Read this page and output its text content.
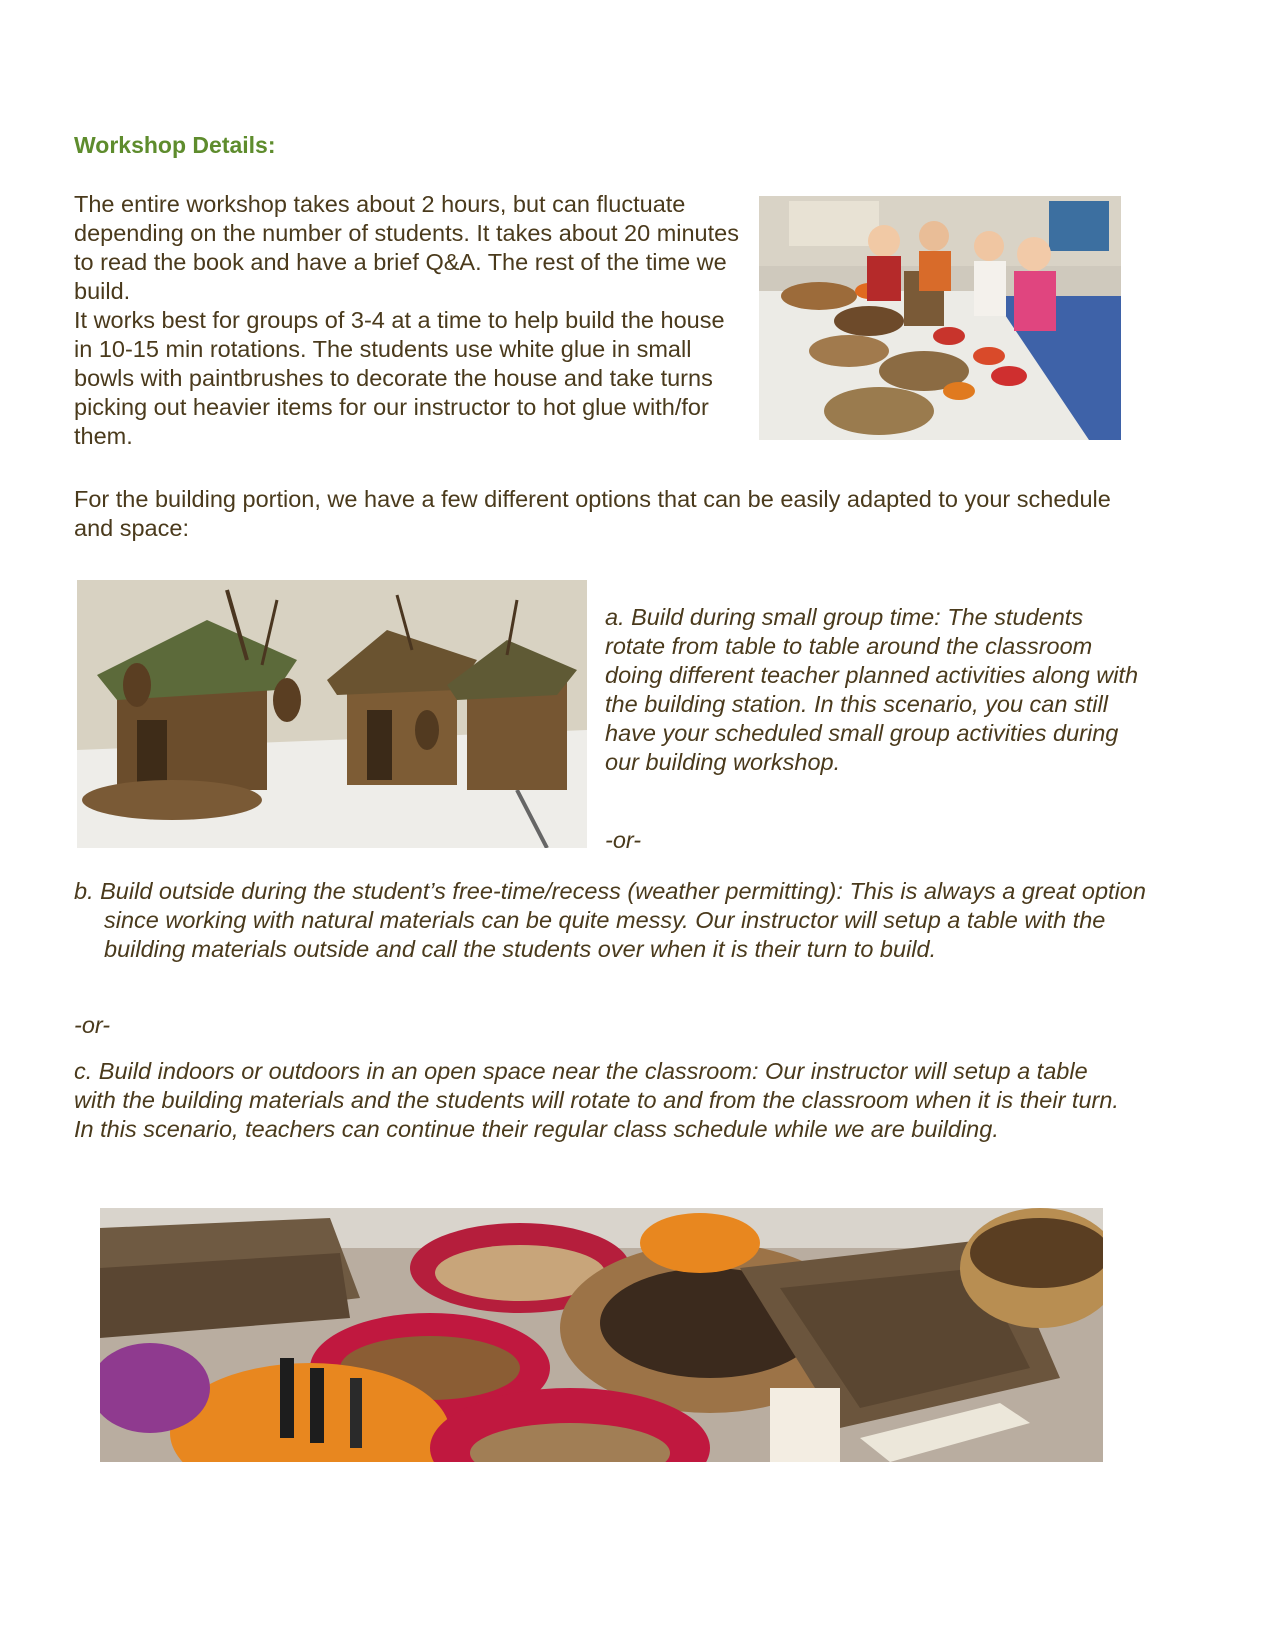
Workshop Details:

The entire workshop takes about 2 hours, but can fluctuate depending on the number of students. It takes about 20 minutes to read the book and have a brief Q&A. The rest of the time we build.

It works best for groups of 3-4 at a time to help build the house in 10-15 min rotations. The students use white glue in small bowls with paintbrushes to decorate the house and take turns picking out heavier items for our instructor to hot glue with/for them.

For the building portion, we have a few different options that can be easily adapted to your schedule and space:
a. Build during small group time: The students rotate from table to table around the classroom doing different teacher planned activities along with the building station. In this scenario, you can still have your scheduled small group activities during our building workshop.
-or-
b. Build outside during the student’s free-time/recess (weather permitting): This is always a great option since working with natural materials can be quite messy. Our instructor will setup a table with the building materials outside and call the students over when it is their turn to build.
-or-
c. Build indoors or outdoors in an open space near the classroom: Our instructor will setup a table with the building materials and the students will rotate to and from the classroom when it is their turn. In this scenario, teachers can continue their regular class schedule while we are building.
